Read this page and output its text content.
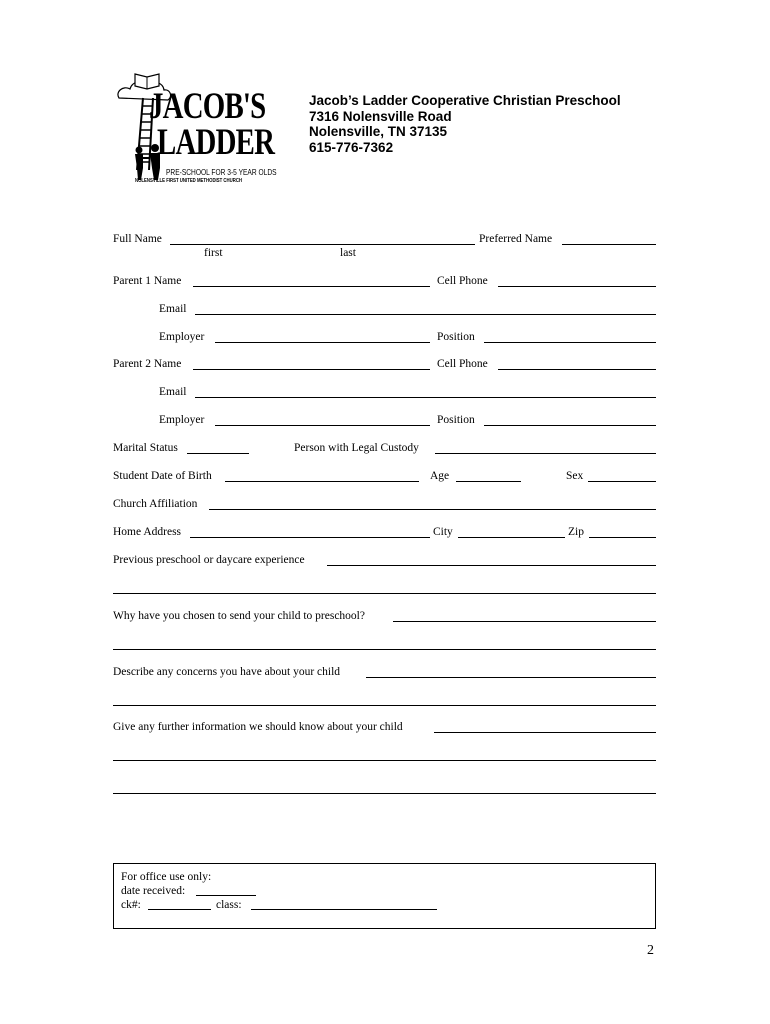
JACOB'S
LADDER
PRE-SCHOOL FOR 3-5 YEAR OLDS
NOLENSVILLE FIRST UNITED METHODIST CHURCH
Jacob’s Ladder Cooperative Christian Preschool
7316 Nolensville Road
Nolensville, TN 37135
615-776-7362
Full Name
first	last
Preferred Name
Parent 1 Name	Cell Phone
Email
Employer	Position
Parent 2 Name	Cell Phone
Email
Employer	Position
Marital Status	Person with Legal Custody
Student Date of Birth	Age	Sex
Church Affiliation
Home Address	City	Zip
Previous preschool or daycare experience
Why have you chosen to send your child to preschool?
Describe any concerns you have about your child
Give any further information we should know about your child
For office use only:
date received:
ck#:	class:
2
